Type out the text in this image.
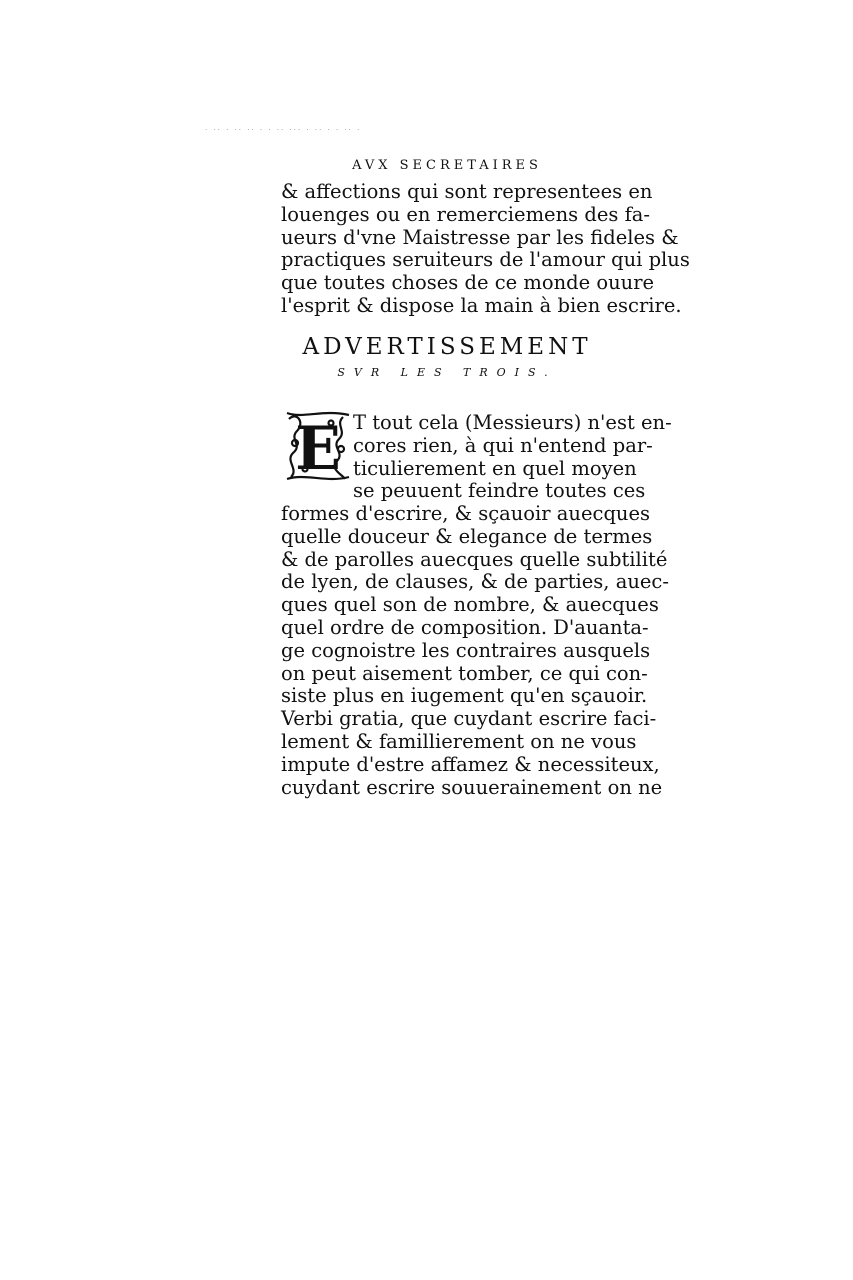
· ·· · ·· ·· · · ·· ··· · ·· · · ·· ·
AVX SECRETAIRES
& affections qui sont representees en
louenges ou en remerciemens des fa-
ueurs d'vne Maistresse par les fideles &
practiques seruiteurs de l'amour qui plus
que toutes choses de ce monde ouure
l'esprit & dispose la main à bien escrire.
ADVERTISSEMENT
SVR LES TROIS.
E T tout cela (Messieurs) n'est en-
cores rien, à qui n'entend par-
ticulierement en quel moyen
se peuuent feindre toutes ces
formes d'escrire, & sçauoir auecques
quelle douceur & elegance de termes
& de parolles auecques quelle subtilité
de lyen, de clauses, & de parties, auec-
ques quel son de nombre, & auecques
quel ordre de composition. D'auanta-
ge cognoistre les contraires ausquels
on peut aisement tomber, ce qui con-
siste plus en iugement qu'en sçauoir.
Verbi gratia, que cuydant escrire faci-
lement & famillierement on ne vous
impute d'estre affamez & necessiteux,
cuydant escrire souuerainement on ne
